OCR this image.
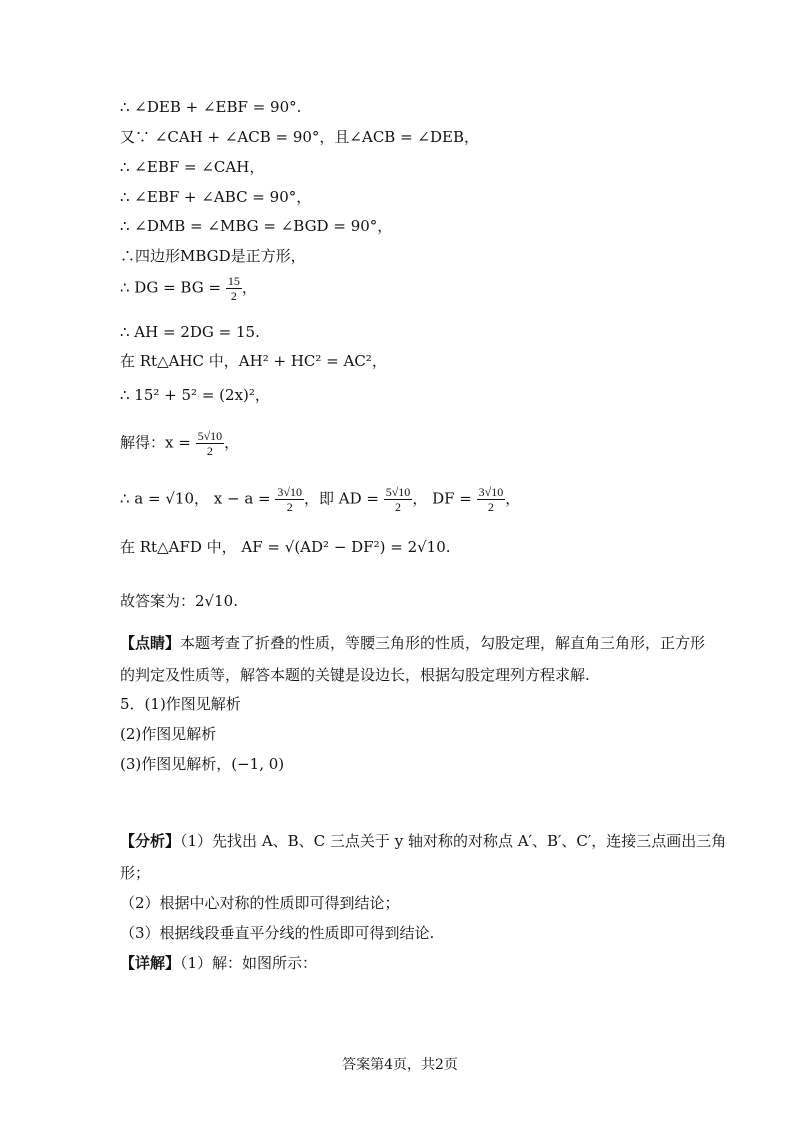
∴ ∠DEB + ∠EBF = 90°.
又∵ ∠CAH + ∠ACB = 90°，且∠ACB = ∠DEB，
∴ ∠EBF = ∠CAH，
∴ ∠EBF + ∠ABC = 90°，
∴ ∠DMB = ∠MBG = ∠BGD = 90°，
∴四边形MBGD是正方形，
∴ DG = BG = $\frac{15}{2}$ ，
∴ AH = 2DG = 15.
在 Rt△AHC 中，AH² + HC² = AC²，
∴ 15² + 5² = (2x)²，
解得：$x = \frac{5√10}{2}$ ，
∴ a = √10， $x - a = \frac{3√10}{2}$ ，即 AD = $\frac{5√10}{2}$ ， DF = $\frac{3√10}{2}$ ，
在 Rt△AFD 中， AF = √(AD² − DF²) = 2√10.
故答案为：2√10.
【点睛】本题考查了折叠的性质，等腰三角形的性质，勾股定理，解直角三角形，正方形
的判定及性质等，解答本题的关键是设边长，根据勾股定理列方程求解.
5．(1)作图见解析
(2)作图见解析
(3)作图见解析，(−1, 0)
【分析】（1）先找出 A、B、C 三点关于 y 轴对称的对称点 A′、B′、C′，连接三点画出三角
形；
（2）根据中心对称的性质即可得到结论；
（3）根据线段垂直平分线的性质即可得到结论.
【详解】（1）解：如图所示：
答案第4页，共2页
